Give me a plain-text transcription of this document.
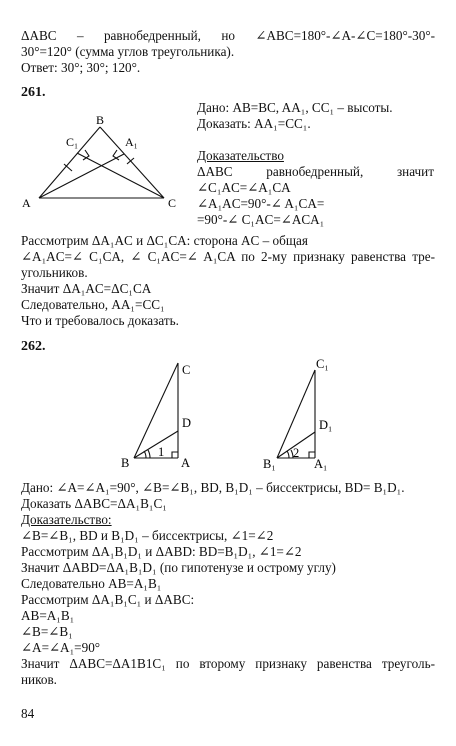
ΔABC – равнобедренный, но ∠ABC=180°-∠A-∠C=180°-30°-
30°=120° (сумма углов треугольника).
Ответ: 30°; 30°; 120°.
261.
B
C₁	A₁
A	C
Дано: AB=BC, AA₁, CC₁ – высоты.
Доказать: AA₁=CC₁.
Доказательство
ΔABC равнобедренный, значит
∠C₁AC=∠A₁CA
∠A₁AC=90°-∠ A₁CA=
=90°-∠ C₁AC=∠ACA₁
Рассмотрим ΔA₁AC и ΔC₁CA: сторона AC – общая
∠A₁AC=∠ C₁CA, ∠ C₁AC=∠ A₁CA по 2-му признаку равенства тре-
угольников.
Значит ΔA₁AC=ΔC₁CA
Следовательно, AA₁=CC₁
Что и требовалось доказать.
262.
C
D
B	A
1
C₁
D₁
B₁	A₁
2
Дано: ∠A=∠A₁=90°, ∠B=∠B₁, BD, B₁D₁ – биссектрисы, BD= B₁D₁.
Доказать ΔABC=ΔA₁B₁C₁
Доказательство:
∠B=∠B₁, BD и B₁D₁ – биссектрисы, ∠1=∠2
Рассмотрим ΔA₁B₁D₁ и ΔABD: BD=B₁D₁, ∠1=∠2
Значит ΔABD=ΔA₁B₁D₁ (по гипотенузе и острому углу)
Следовательно AB=A₁B₁
Рассмотрим ΔA₁B₁C₁ и ΔABC:
AB=A₁B₁
∠B=∠B₁
∠A=∠A₁=90°
Значит ΔABC=ΔA1B1C₁ по второму признаку равенства треуголь-
ников.
84
